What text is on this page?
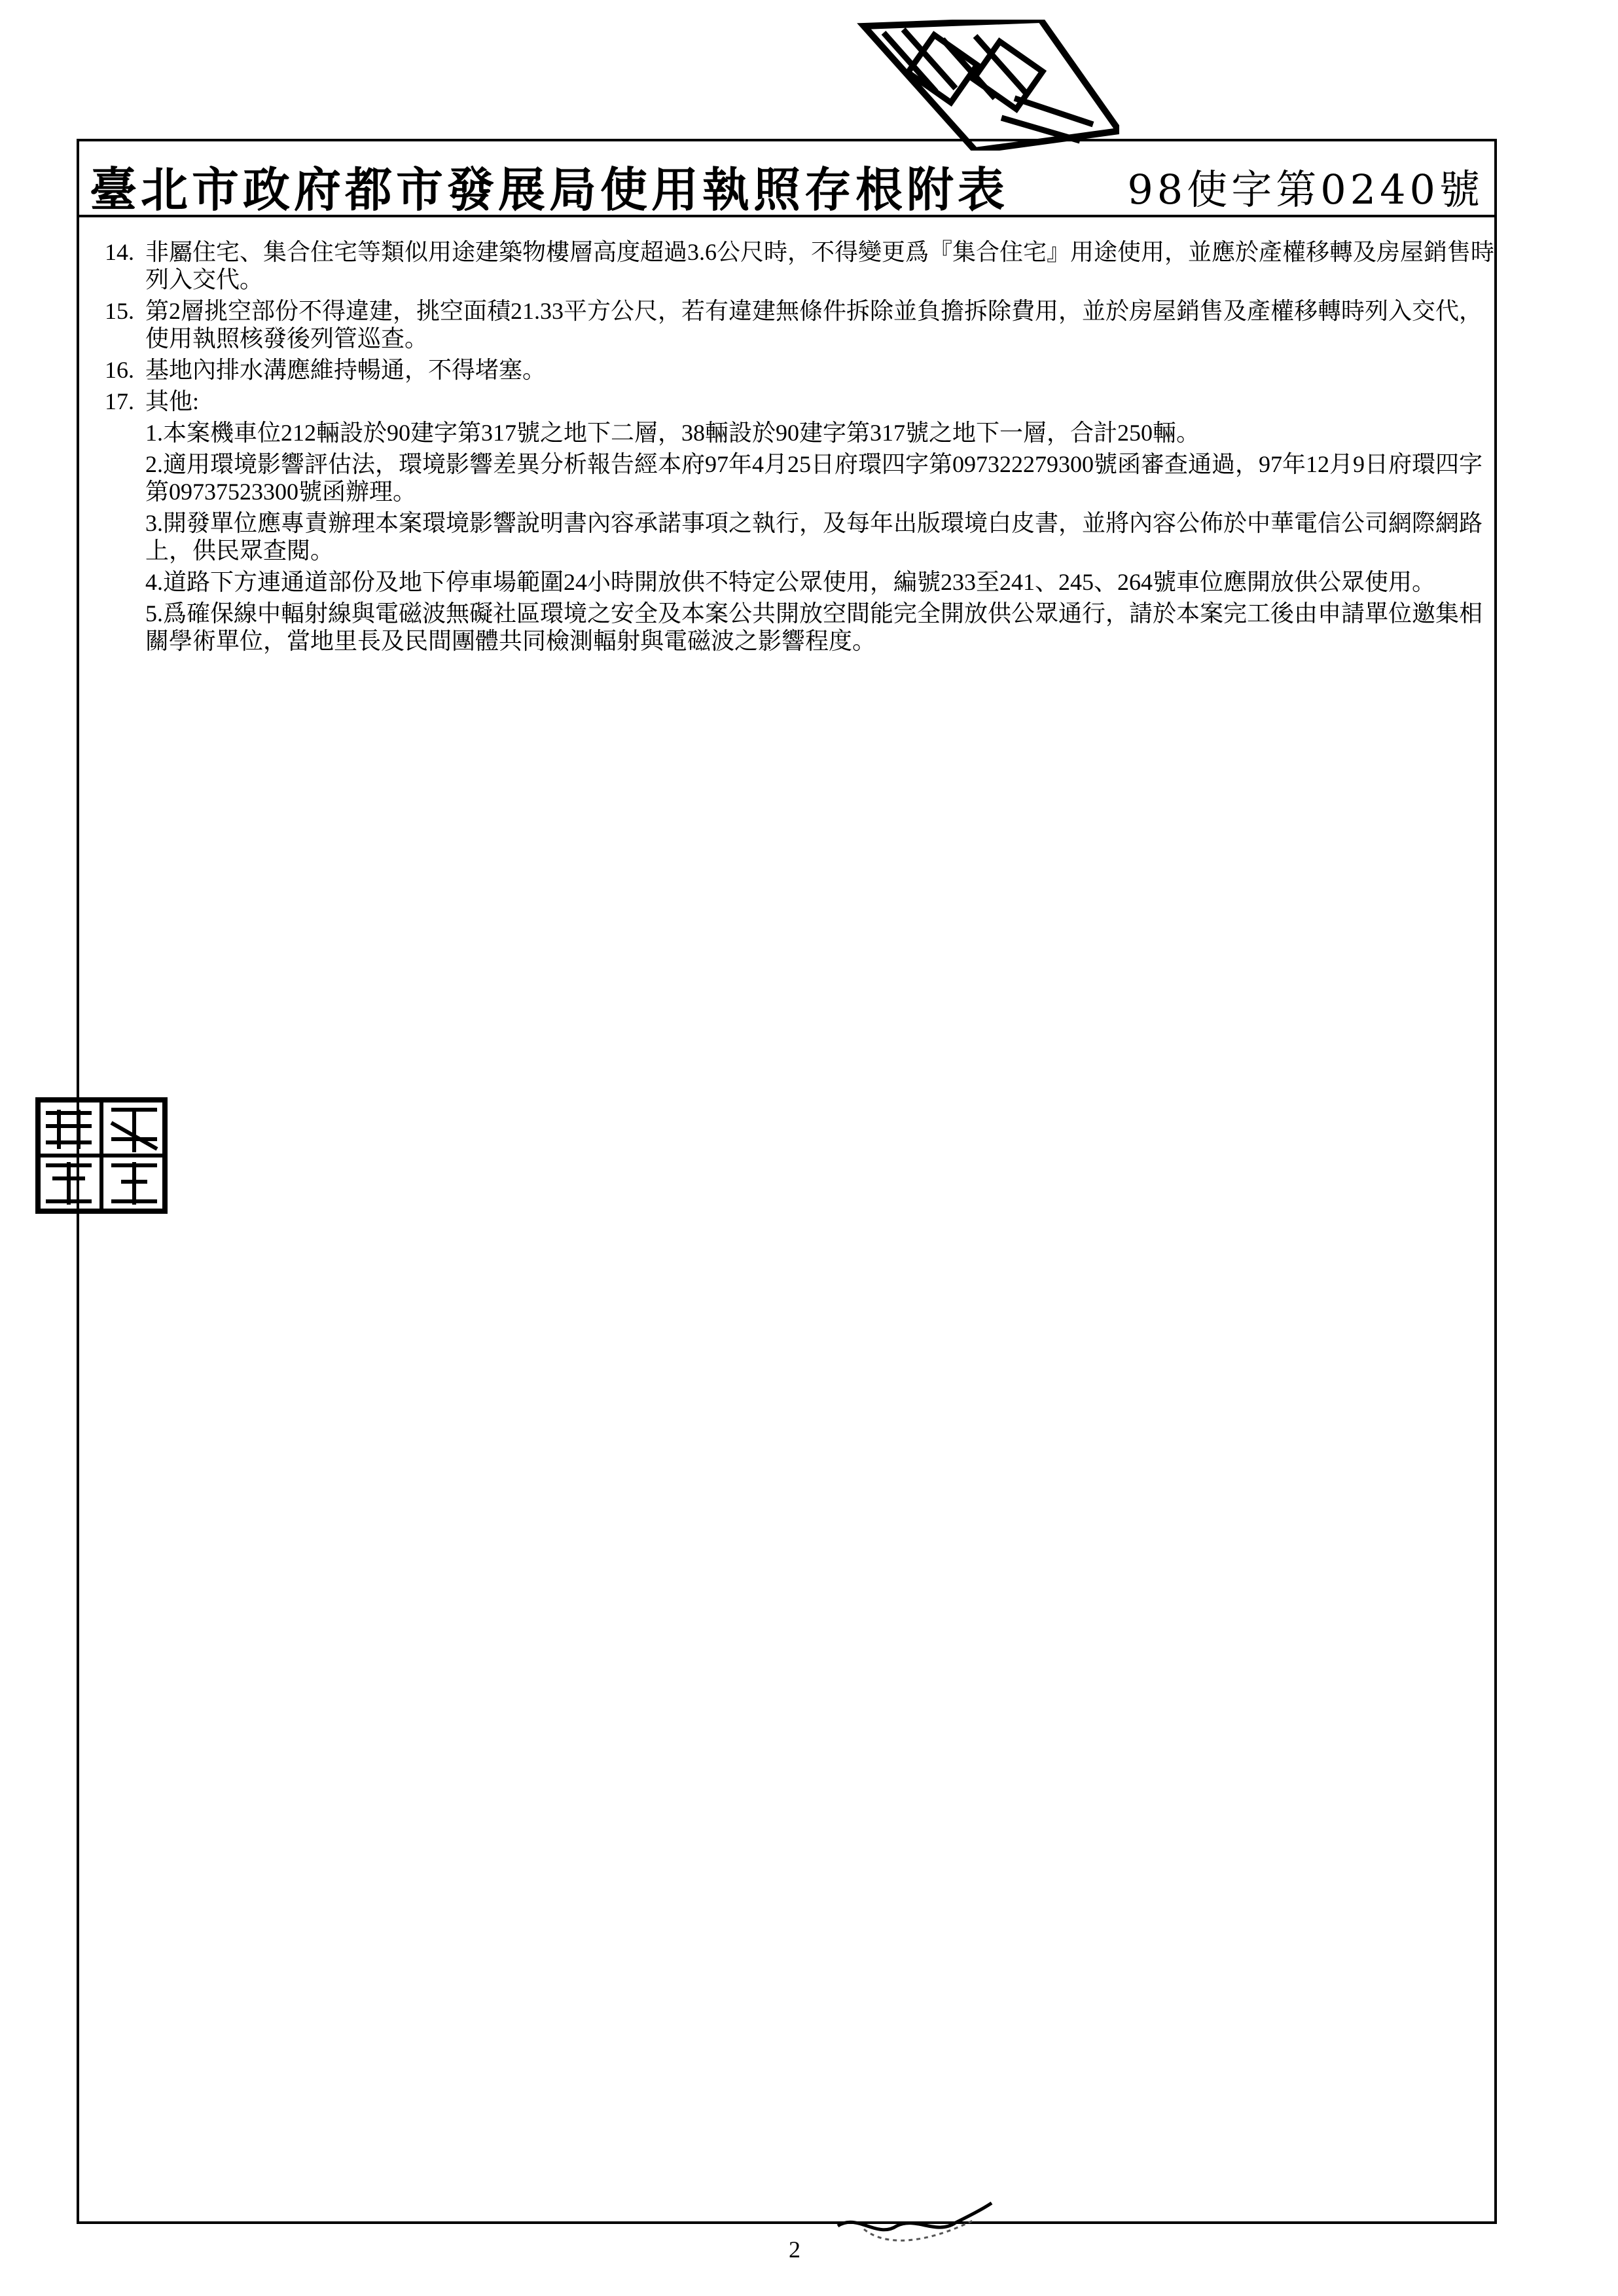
臺北市政府都市發展局使用執照存根附表	98使字第0240號
14. 非屬住宅、集合住宅等類似用途建築物樓層高度超過3.6公尺時，不得變更爲『集合住宅』用途使用，並應於產權移轉及房屋銷售時列入交代。
15. 第2層挑空部份不得違建，挑空面積21.33平方公尺，若有違建無條件拆除並負擔拆除費用，並於房屋銷售及產權移轉時列入交代，使用執照核發後列管巡查。
16. 基地內排水溝應維持暢通，不得堵塞。
17. 其他:
1.本案機車位212輛設於90建字第317號之地下二層，38輛設於90建字第317號之地下一層，合計250輛。
2.適用環境影響評估法，環境影響差異分析報告經本府97年4月25日府環四字第09732227930​0號函審查通過，97年12月9日府環四字第09737523300號函辦理。
3.開發單位應專責辦理本案環境影響說明書內容承諾事項之執行，及每年出版環境白皮書，並將內容公佈於中華電信公司網際網路上，供民眾查閱。
4.道路下方連通道部份及地下停車場範圍24小時開放供不特定公眾使用，編號233至241、245、264號車位應開放供公眾使用。
5.爲確保線中輻射線與電磁波無礙社區環境之安全及本案公共開放空間能完全開放供公眾通行，請於本案完工後由申請單位邀集相關學術單位，當地里長及民間團體共同檢測輻射與電磁波之影響程度。
2
